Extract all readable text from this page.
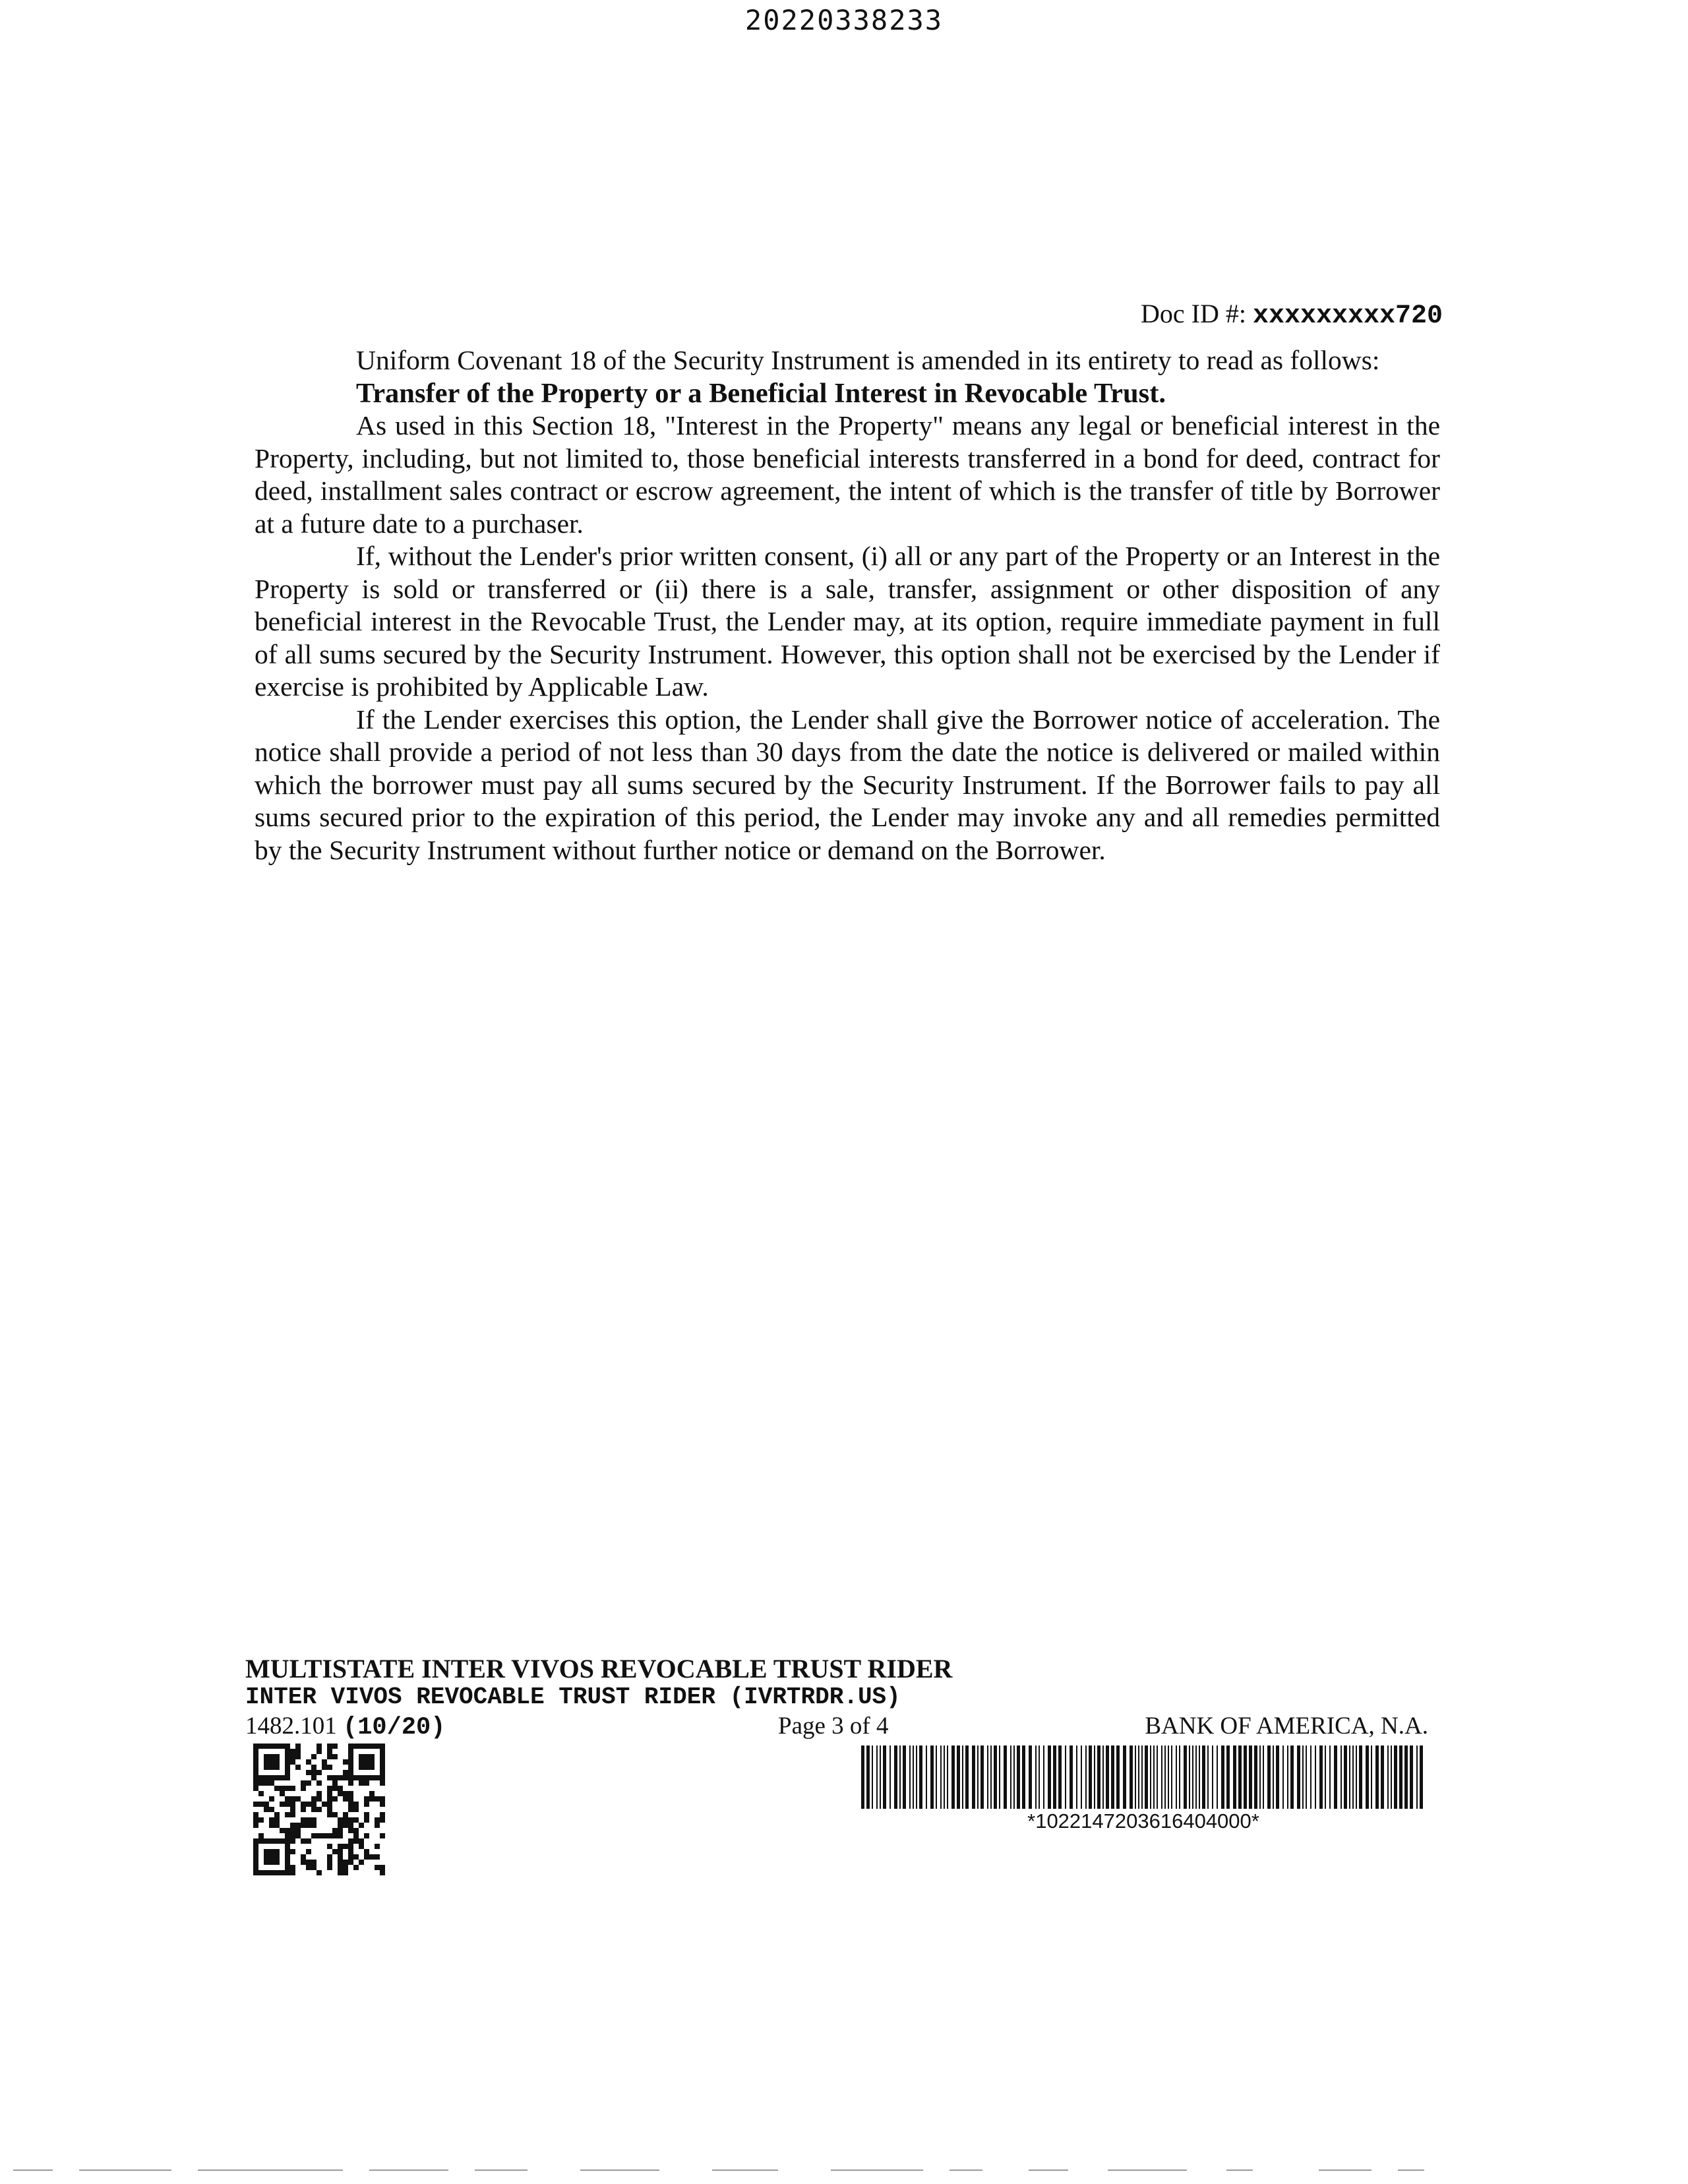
20220338233
Doc ID #: xxxxxxxxx720

Uniform Covenant 18 of the Security Instrument is amended in its entirety to read as follows:

Transfer of the Property or a Beneficial Interest in Revocable Trust.

As used in this Section 18, "Interest in the Property" means any legal or beneficial interest in the Property, including, but not limited to, those beneficial interests transferred in a bond for deed, contract for deed, installment sales contract or escrow agreement, the intent of which is the transfer of title by Borrower at a future date to a purchaser.

If, without the Lender's prior written consent, (i) all or any part of the Property or an Interest in the Property is sold or transferred or (ii) there is a sale, transfer, assignment or other disposition of any beneficial interest in the Revocable Trust, the Lender may, at its option, require immediate payment in full of all sums secured by the Security Instrument. However, this option shall not be exercised by the Lender if exercise is prohibited by Applicable Law.

If the Lender exercises this option, the Lender shall give the Borrower notice of acceleration. The notice shall provide a period of not less than 30 days from the date the notice is delivered or mailed within which the borrower must pay all sums secured by the Security Instrument. If the Borrower fails to pay all sums secured prior to the expiration of this period, the Lender may invoke any and all remedies permitted by the Security Instrument without further notice or demand on the Borrower.

MULTISTATE INTER VIVOS REVOCABLE TRUST RIDER
INTER VIVOS REVOCABLE TRUST RIDER (IVRTRDR.US)
1482.101 (10/20)	Page 3 of 4	BANK OF AMERICA, N.A.
*1022147203616404000*
